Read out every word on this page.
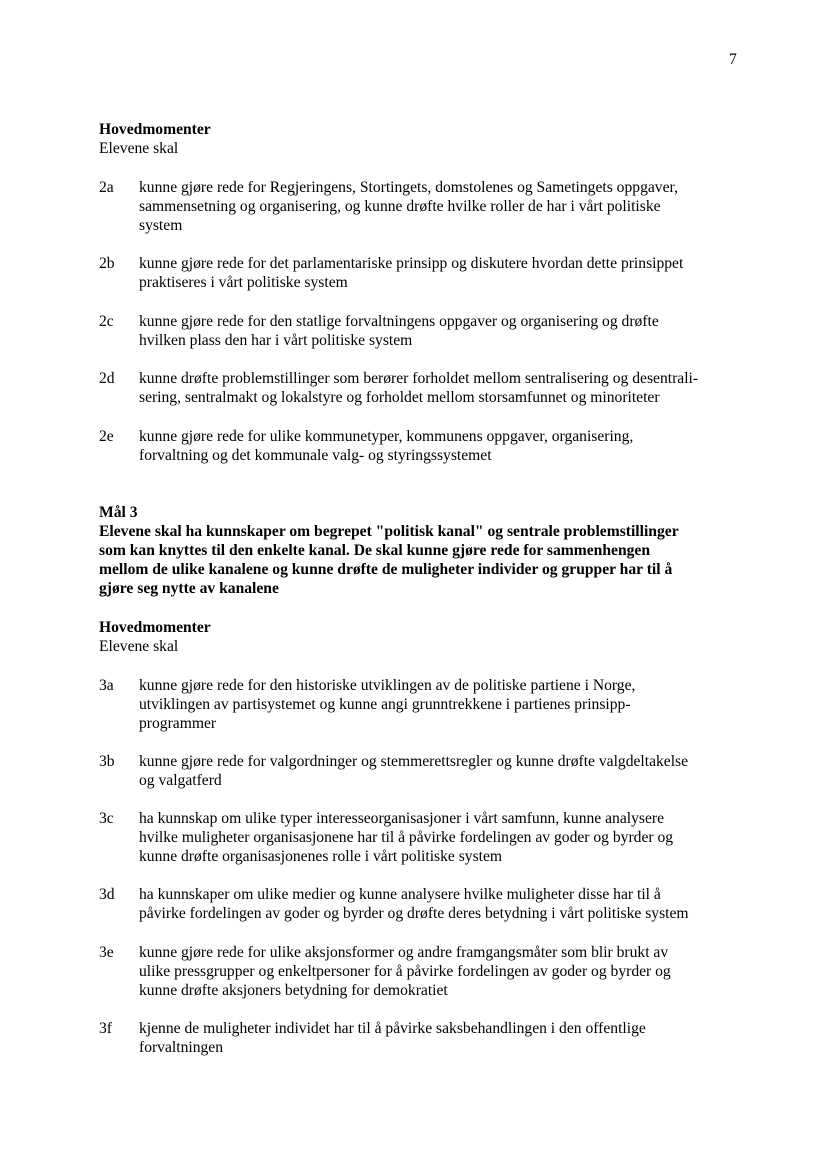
7
Hovedmomenter
Elevene skal
2a	kunne gjøre rede for Regjeringens, Stortingets, domstolenes og Sametingets oppgaver,
sammensetning og organisering, og kunne drøfte hvilke roller de har i vårt politiske
system
2b	kunne gjøre rede for det parlamentariske prinsipp og diskutere hvordan dette prinsippet
praktiseres i vårt politiske system
2c	kunne gjøre rede for den statlige forvaltningens oppgaver og organisering og drøfte
hvilken plass den har i vårt politiske system
2d	kunne drøfte problemstillinger som berører forholdet mellom sentralisering og desentrali-
sering, sentralmakt og lokalstyre og forholdet mellom storsamfunnet og minoriteter
2e	kunne gjøre rede for ulike kommunetyper, kommunens oppgaver, organisering,
forvaltning og det kommunale valg- og styringssystemet
Mål 3
Elevene skal ha kunnskaper om begrepet "politisk kanal" og sentrale problemstillinger
som kan knyttes til den enkelte kanal. De skal kunne gjøre rede for sammenhengen
mellom de ulike kanalene og kunne drøfte de muligheter individer og grupper har til å
gjøre seg nytte av kanalene
Hovedmomenter
Elevene skal
3a	kunne gjøre rede for den historiske utviklingen av de politiske partiene i Norge,
utviklingen av partisystemet og kunne angi grunntrekkene i partienes prinsipp-
programmer
3b	kunne gjøre rede for valgordninger og stemmerettsregler og kunne drøfte valgdeltakelse
og valgatferd
3c	ha kunnskap om ulike typer interesseorganisasjoner i vårt samfunn, kunne analysere
hvilke muligheter organisasjonene har til å påvirke fordelingen av goder og byrder og
kunne drøfte organisasjonenes rolle i vårt politiske system
3d	ha kunnskaper om ulike medier og kunne analysere hvilke muligheter disse har til å
påvirke fordelingen av goder og byrder og drøfte deres betydning i vårt politiske system
3e	kunne gjøre rede for ulike aksjonsformer og andre framgangsmåter som blir brukt av
ulike pressgrupper og enkeltpersoner for å påvirke fordelingen av goder og byrder og
kunne drøfte aksjoners betydning for demokratiet
3f	kjenne de muligheter individet har til å påvirke saksbehandlingen i den offentlige
forvaltningen
